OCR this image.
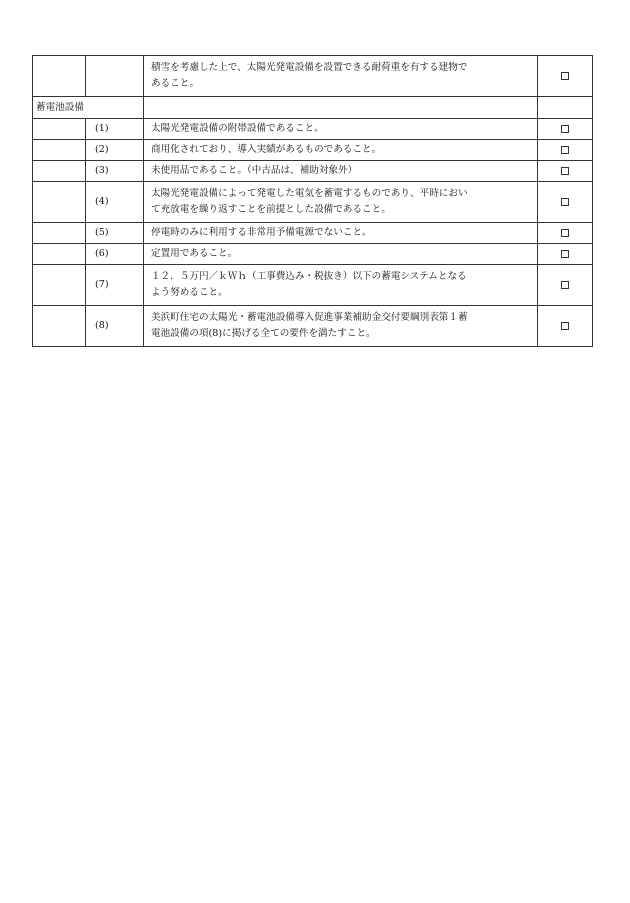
		積雪を考慮した上で、太陽光発電設備を設置できる耐荷重を有する建物で
あること。	

蓄電池設備			
	(1)	太陽光発電設備の附帯設備であること。	

	(2)	商用化されており、導入実績があるものであること。	

	(3)	未使用品であること。（中古品は、補助対象外）	

	(4)	太陽光発電設備によって発電した電気を蓄電するものであり、平時におい
て充放電を繰り返すことを前提とした設備であること。	

	(5)	停電時のみに利用する非常用予備電源でないこと。	

	(6)	定置用であること。	

	(7)	１２．５万円／ｋＷｈ（工事費込み・税抜き）以下の蓄電システムとなる
よう努めること。	

	(8)	美浜町住宅の太陽光・蓄電池設備導入促進事業補助金交付要綱別表第１蓄
電池設備の項(8)に掲げる全ての要件を満たすこと。	
